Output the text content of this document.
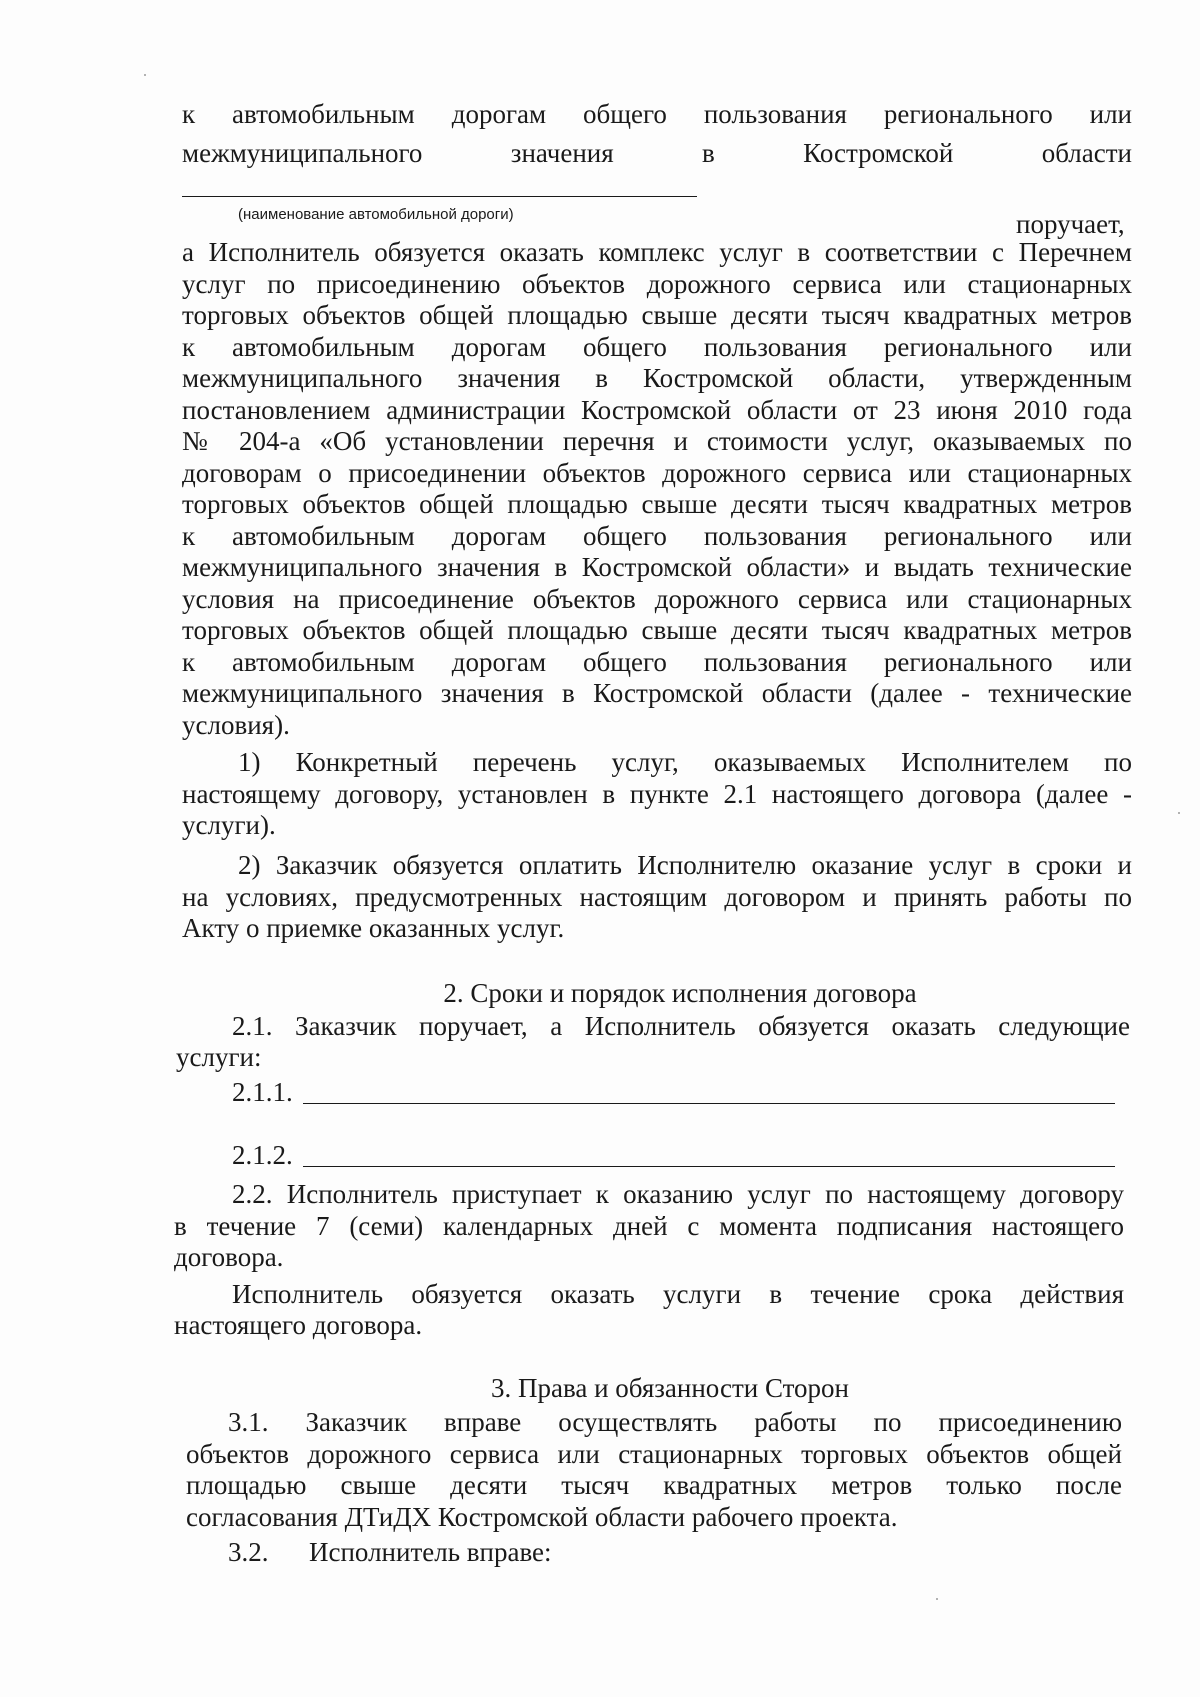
к автомобильным дорогам общего пользования регионального или
межмуниципального	значения	в	Костромской	области
(наименование автомобильной дороги)	поручает,
а Исполнитель обязуется оказать комплекс услуг в соответствии с Перечнем
услуг по присоединению объектов дорожного сервиса или стационарных
торговых объектов общей площадью свыше десяти тысяч квадратных метров
к автомобильным дорогам общего пользования регионального или
межмуниципального значения в Костромской области, утвержденным
постановлением администрации Костромской области от 23 июня 2010 года
№ 204-а «Об установлении перечня и стоимости услуг, оказываемых по
договорам о присоединении объектов дорожного сервиса или стационарных
торговых объектов общей площадью свыше десяти тысяч квадратных метров
к автомобильным дорогам общего пользования регионального или
межмуниципального значения в Костромской области» и выдать технические
условия на присоединение объектов дорожного сервиса или стационарных
торговых объектов общей площадью свыше десяти тысяч квадратных метров
к автомобильным дорогам общего пользования регионального или
межмуниципального значения в Костромской области (далее - технические
условия).
1) Конкретный перечень услуг, оказываемых Исполнителем по
настоящему договору, установлен в пункте 2.1 настоящего договора (далее -
услуги).
2) Заказчик обязуется оплатить Исполнителю оказание услуг в сроки и
на условиях, предусмотренных настоящим договором и принять работы по
Акту о приемке оказанных услуг.
2. Сроки и порядок исполнения договора
2.1. Заказчик поручает, а Исполнитель обязуется оказать следующие
услуги:
2.1.1.
2.1.2.
2.2. Исполнитель приступает к оказанию услуг по настоящему договору
в течение 7 (семи) календарных дней с момента подписания настоящего
договора.
Исполнитель обязуется оказать услуги в течение срока действия
настоящего договора.
3. Права и обязанности Сторон
3.1. Заказчик вправе осуществлять работы по присоединению
объектов дорожного сервиса или стационарных торговых объектов общей
площадью свыше десяти тысяч квадратных метров только после
согласования ДТиДХ Костромской области рабочего проекта.
3.2.      Исполнитель вправе:
